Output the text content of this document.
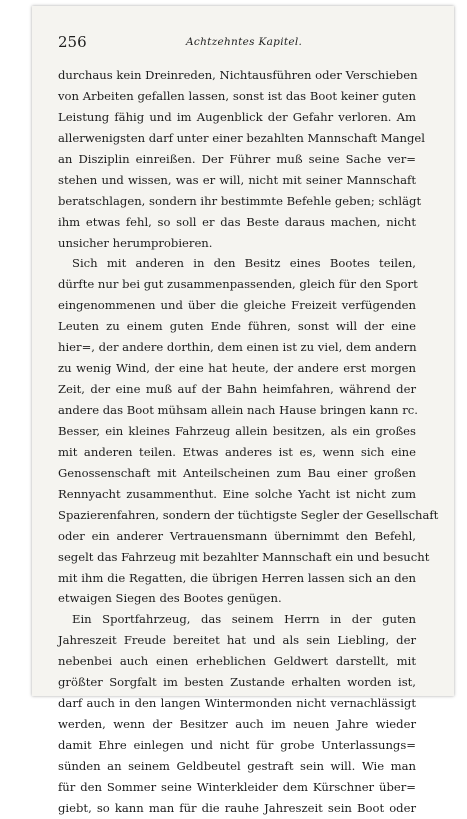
256	Achtzehntes Kapitel.
durchaus kein Dreinreden, Nichtausführen oder Verschieben
von Arbeiten gefallen lassen, sonst ist das Boot keiner guten
Leistung fähig und im Augenblick der Gefahr verloren. Am
allerwenigsten darf unter einer bezahlten Mannschaft Mangel
an Disziplin einreißen. Der Führer muß seine Sache ver=
stehen und wissen, was er will, nicht mit seiner Mannschaft
beratschlagen, sondern ihr bestimmte Befehle geben; schlägt
ihm etwas fehl, so soll er das Beste daraus machen, nicht
unsicher herumprobieren.
Sich mit anderen in den Besitz eines Bootes teilen,
dürfte nur bei gut zusammenpassenden, gleich für den Sport
eingenommenen und über die gleiche Freizeit verfügenden
Leuten zu einem guten Ende führen, sonst will der eine
hier=, der andere dorthin, dem einen ist zu viel, dem andern
zu wenig Wind, der eine hat heute, der andere erst morgen
Zeit, der eine muß auf der Bahn heimfahren, während der
andere das Boot mühsam allein nach Hause bringen kann rc.
Besser, ein kleines Fahrzeug allein besitzen, als ein großes
mit anderen teilen. Etwas anderes ist es, wenn sich eine
Genossenschaft mit Anteilscheinen zum Bau einer großen
Rennyacht zusammenthut. Eine solche Yacht ist nicht zum
Spazierenfahren, sondern der tüchtigste Segler der Gesellschaft
oder ein anderer Vertrauensmann übernimmt den Befehl,
segelt das Fahrzeug mit bezahlter Mannschaft ein und besucht
mit ihm die Regatten, die übrigen Herren lassen sich an den
etwaigen Siegen des Bootes genügen.
Ein Sportfahrzeug, das seinem Herrn in der guten
Jahreszeit Freude bereitet hat und als sein Liebling, der
nebenbei auch einen erheblichen Geldwert darstellt, mit
größter Sorgfalt im besten Zustande erhalten worden ist,
darf auch in den langen Wintermonden nicht vernachlässigt
werden, wenn der Besitzer auch im neuen Jahre wieder
damit Ehre einlegen und nicht für grobe Unterlassungs=
sünden an seinem Geldbeutel gestraft sein will. Wie man
für den Sommer seine Winterkleider dem Kürschner über=
giebt, so kann man für die rauhe Jahreszeit sein Boot oder
